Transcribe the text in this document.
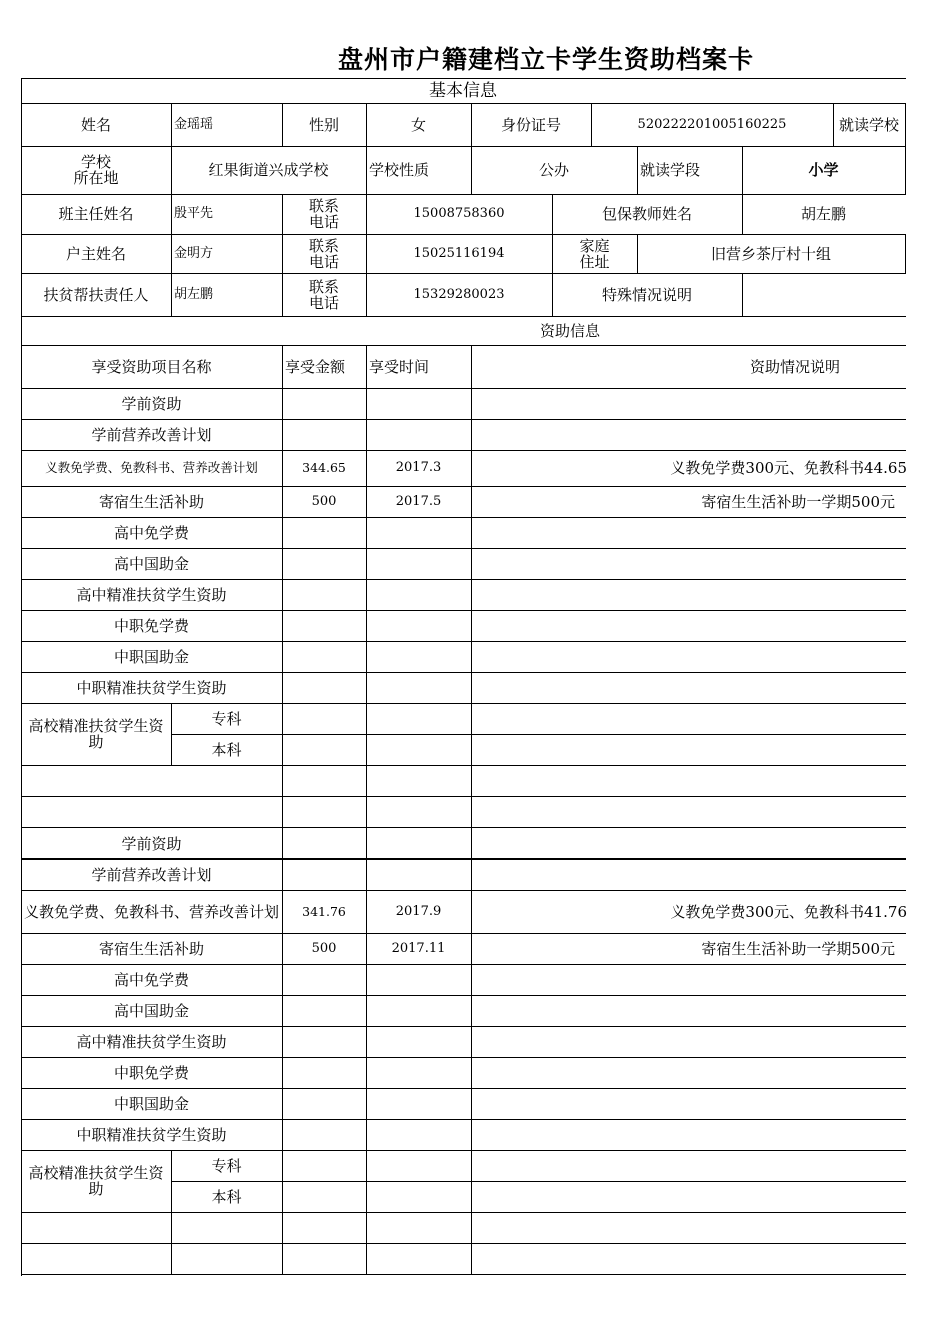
盘州市户籍建档立卡学生资助档案卡
基本信息
姓名	金瑶瑶	性别	女	身份证号	520222201005160225	就读学校
学校
所在地	红果街道兴成学校	学校性质	公办	就读学段	小学
班主任姓名	殷平先	联系
电话	15008758360	包保教师姓名	胡左鹏
户主姓名	金明方	联系
电话	15025116194	家庭
住址	旧营乡茶厅村十组
扶贫帮扶责任人	胡左鹏	联系
电话	15329280023	特殊情况说明
资助信息
享受资助项目名称	享受金额	享受时间	资助情况说明
学前资助
学前营养改善计划
义教免学费、免教科书、营养改善计划	344.65	2017.3	义教免学费300元、免教科书44.65
寄宿生生活补助	500	2017.5	寄宿生生活补助一学期500元
高中免学费
高中国助金
高中精准扶贫学生资助
中职免学费
中职国助金
中职精准扶贫学生资助
高校精准扶贫学生资助
专科
本科
学前资助
学前营养改善计划
义教免学费、免教科书、营养改善计划	341.76	2017.9	义教免学费300元、免教科书41.76
寄宿生生活补助	500	2017.11	寄宿生生活补助一学期500元
高中免学费
高中国助金
高中精准扶贫学生资助
中职免学费
中职国助金
中职精准扶贫学生资助
高校精准扶贫学生资助
专科
本科
